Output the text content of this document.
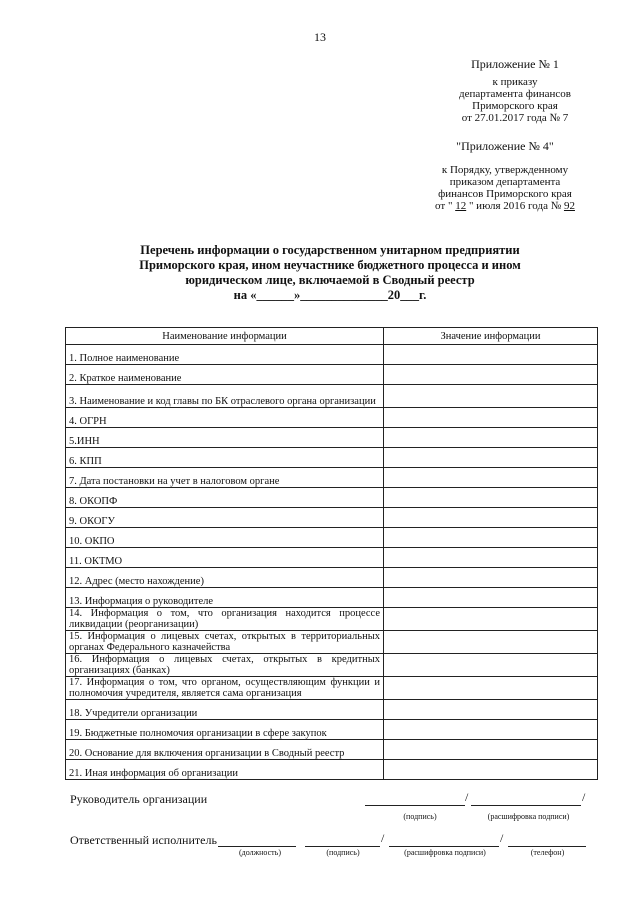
13
Приложение № 1
к приказу
департамента финансов
Приморского края
от 27.01.2017 года № 7
"Приложение № 4"
к Порядку, утвержденному
приказом департамента
финансов Приморского края
от " 12 " июля 2016 года № 92
Перечень информации о государственном унитарном предприятии
Приморского края, ином неучастнике бюджетного процесса и ином
юридическом лице, включаемой в Сводный реестр
на «______»______________20___г.
Наименование информации	Значение информации
1. Полное наименование	
2. Краткое наименование	
3. Наименование и код главы по БК отраслевого органа организации	
4. ОГРН	
5.ИНН	
6. КПП	
7. Дата постановки на учет в налоговом органе	
8. ОКОПФ	
9. ОКОГУ	
10. ОКПО	
11. ОКТМО	
12. Адрес (место нахождение)	
13. Информация о руководителе	
14. Информация о том, что организация находится процессе ликвидации (реорганизации)	
15. Информация о лицевых счетах, открытых в территориальных органах Федерального казначейства	
16. Информация о лицевых счетах, открытых в кредитных организациях (банках)	
17. Информация о том, что органом, осуществляющим функции и полномочия учредителя, является сама организация	
18. Учредители организации	
19. Бюджетные полномочия организации в сфере закупок	
20. Основание для включения организации в Сводный реестр	
21. Иная информация об организации	
Руководитель организации	/	/
(подпись)	(расшифровка подписи)
Ответственный исполнитель	/	/
(должность)	(подпись)	(расшифровка подписи)	(телефон)
